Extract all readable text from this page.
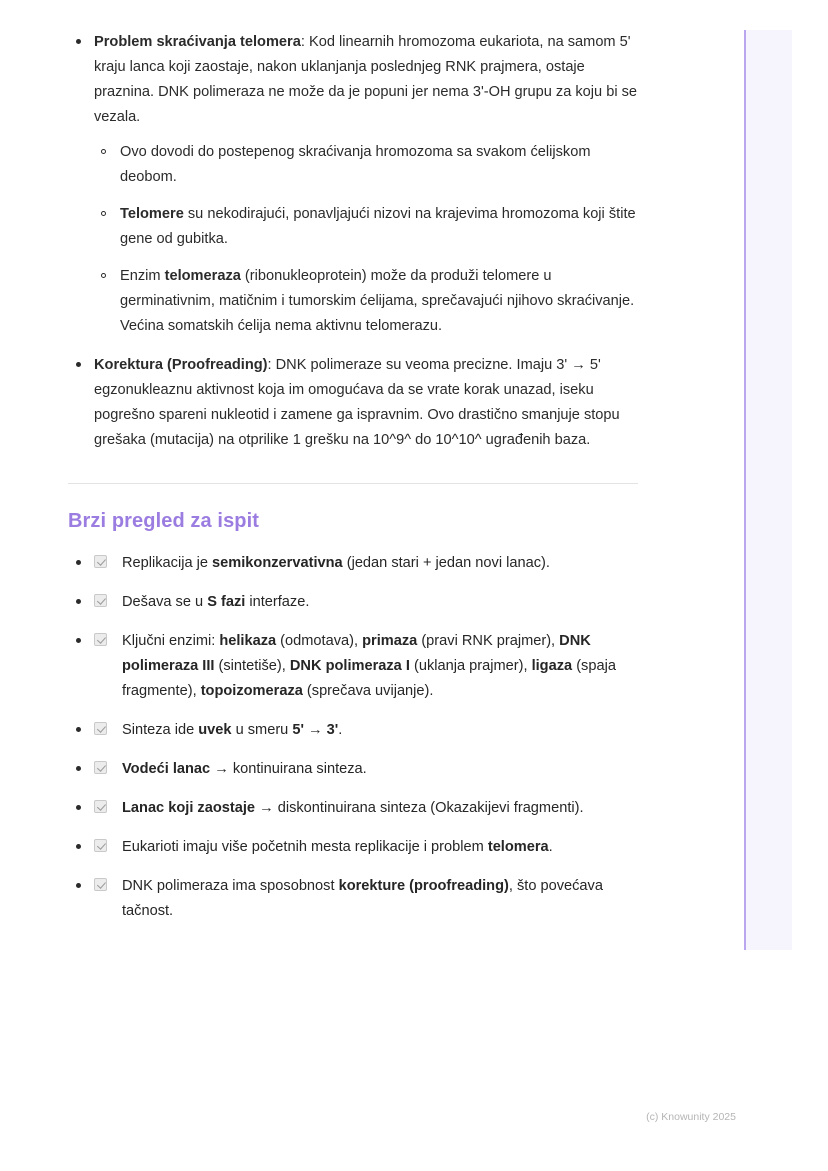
Problem skraćivanja telomera: Kod linearnih hromozoma eukariota, na samom 5' kraju lanca koji zaostaje, nakon uklanjanja poslednjeg RNK prajmera, ostaje praznina. DNK polimeraza ne može da je popuni jer nema 3'-OH grupu za koju bi se vezala.
Ovo dovodi do postepenog skraćivanja hromozoma sa svakom ćelijskom deobom.
Telomere su nekodirajući, ponavljajući nizovi na krajevima hromozoma koji štite gene od gubitka.
Enzim telomeraza (ribonukleoprotein) može da produži telomere u germinativnim, matičnim i tumorskim ćelijama, sprečavajući njihovo skraćivanje. Većina somatskih ćelija nema aktivnu telomerazu.
Korektura (Proofreading): DNK polimeraze su veoma precizne. Imaju 3' → 5' egzonukleaznu aktivnost koja im omogućava da se vrate korak unazad, iseku pogrešno spareni nukleotid i zamene ga ispravnim. Ovo drastično smanjuje stopu grešaka (mutacija) na otprilike 1 grešku na 10^9^ do 10^10^ ugrađenih baza.
Brzi pregled za ispit
Replikacija je semikonzervativna (jedan stari + jedan novi lanac).
Dešava se u S fazi interfaze.
Ključni enzimi: helikaza (odmotava), primaza (pravi RNK prajmer), DNK polimeraza III (sintetiše), DNK polimeraza I (uklanja prajmer), ligaza (spaja fragmente), topoizomeraza (sprečava uvijanje).
Sinteza ide uvek u smeru 5' → 3'.
Vodeći lanac → kontinuirana sinteza.
Lanac koji zaostaje → diskontinuirana sinteza (Okazakijevi fragmenti).
Eukarioti imaju više početnih mesta replikacije i problem telomera.
DNK polimeraza ima sposobnost korekture (proofreading), što povećava tačnost.
(c) Knowunity 2025
